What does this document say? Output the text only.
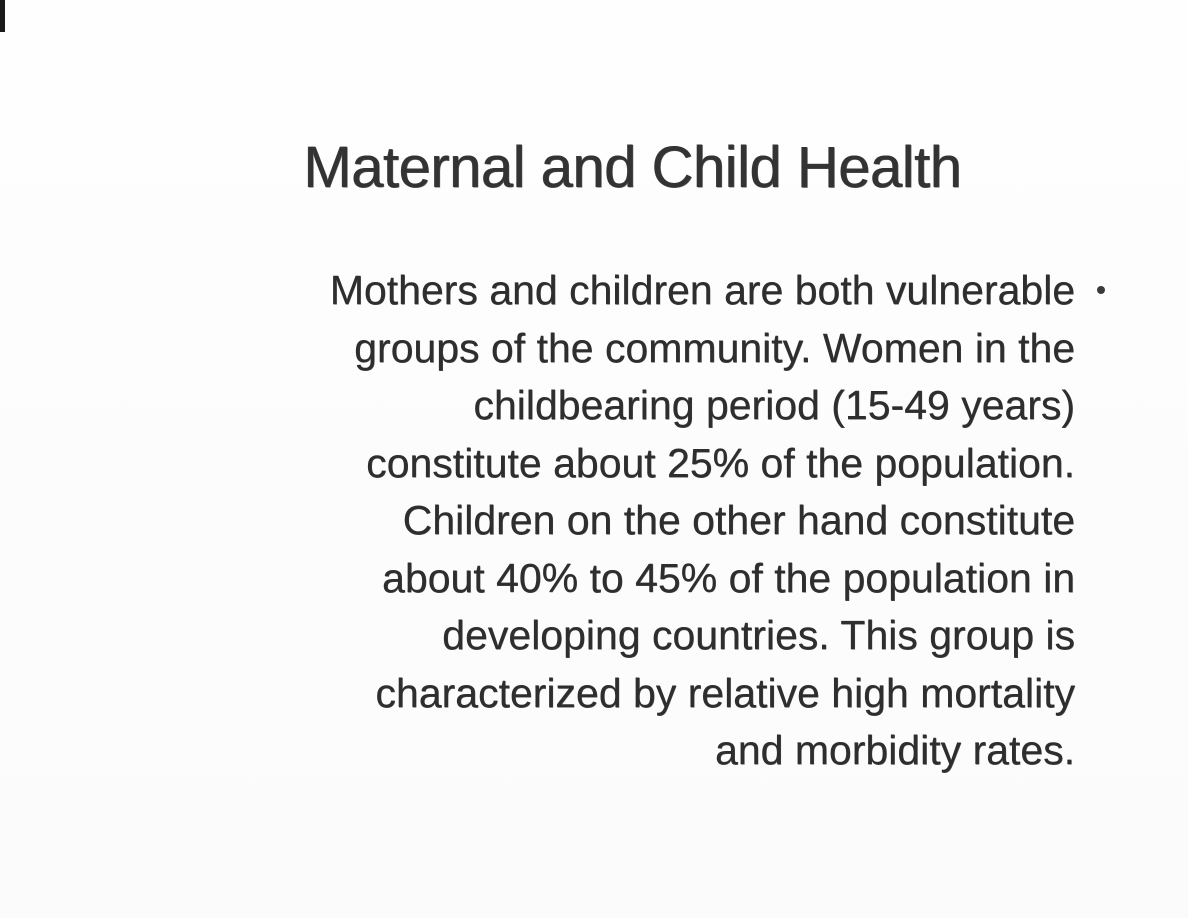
Maternal and Child Health

Mothers and children are both vulnerable
groups of the community. Women in the
childbearing period (15-49 years)
constitute about 25% of the population.
Children on the other hand constitute
about 40% to 45% of the population in
developing countries. This group is
characterized by relative high mortality
and morbidity rates.
